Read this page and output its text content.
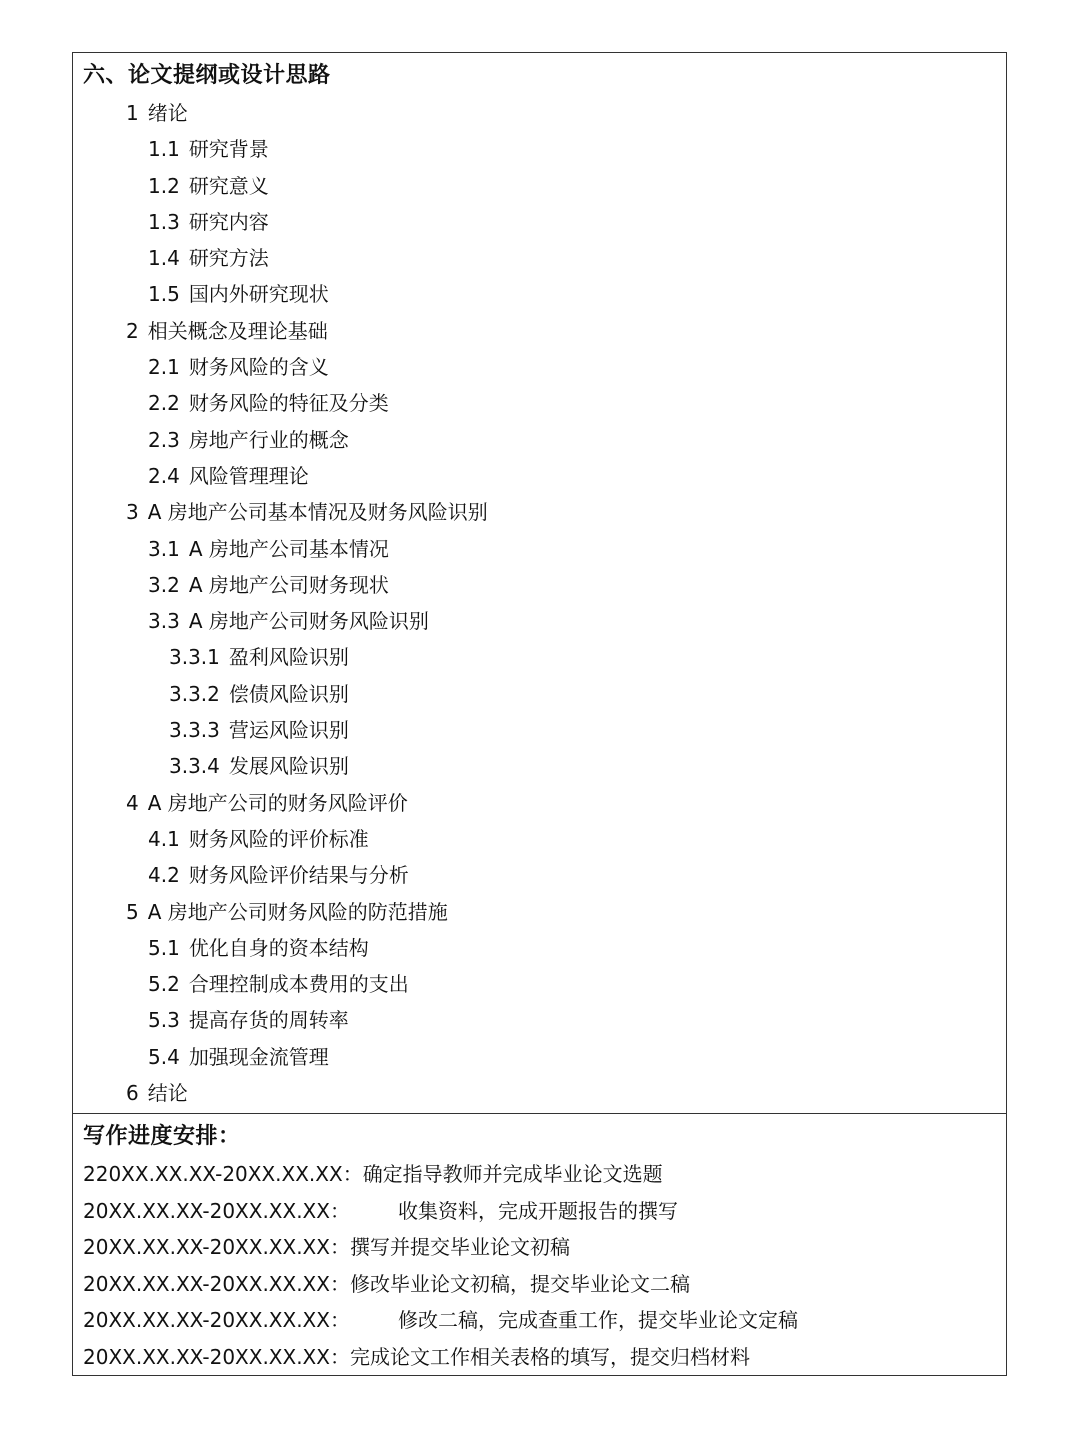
六、论文提纲或设计思路
1 绪论
1.1 研究背景
1.2 研究意义
1.3 研究内容
1.4 研究方法
1.5 国内外研究现状
2 相关概念及理论基础
2.1 财务风险的含义
2.2 财务风险的特征及分类
2.3 房地产行业的概念
2.4 风险管理理论
3 A 房地产公司基本情况及财务风险识别
3.1 A 房地产公司基本情况
3.2 A 房地产公司财务现状
3.3 A 房地产公司财务风险识别
3.3.1 盈利风险识别
3.3.2 偿债风险识别
3.3.3 营运风险识别
3.3.4 发展风险识别
4 A 房地产公司的财务风险评价
4.1 财务风险的评价标准
4.2 财务风险评价结果与分析
5 A 房地产公司财务风险的防范措施
5.1 优化自身的资本结构
5.2 合理控制成本费用的支出
5.3 提高存货的周转率
5.4 加强现金流管理
6 结论
写作进度安排：
220XX.XX.XX-20XX.XX.XX：确定指导教师并完成毕业论文选题
20XX.XX.XX-20XX.XX.XX： 收集资料，完成开题报告的撰写
20XX.XX.XX-20XX.XX.XX：撰写并提交毕业论文初稿
20XX.XX.XX-20XX.XX.XX：修改毕业论文初稿，提交毕业论文二稿
20XX.XX.XX-20XX.XX.XX： 修改二稿，完成查重工作，提交毕业论文定稿
20XX.XX.XX-20XX.XX.XX：完成论文工作相关表格的填写，提交归档材料
